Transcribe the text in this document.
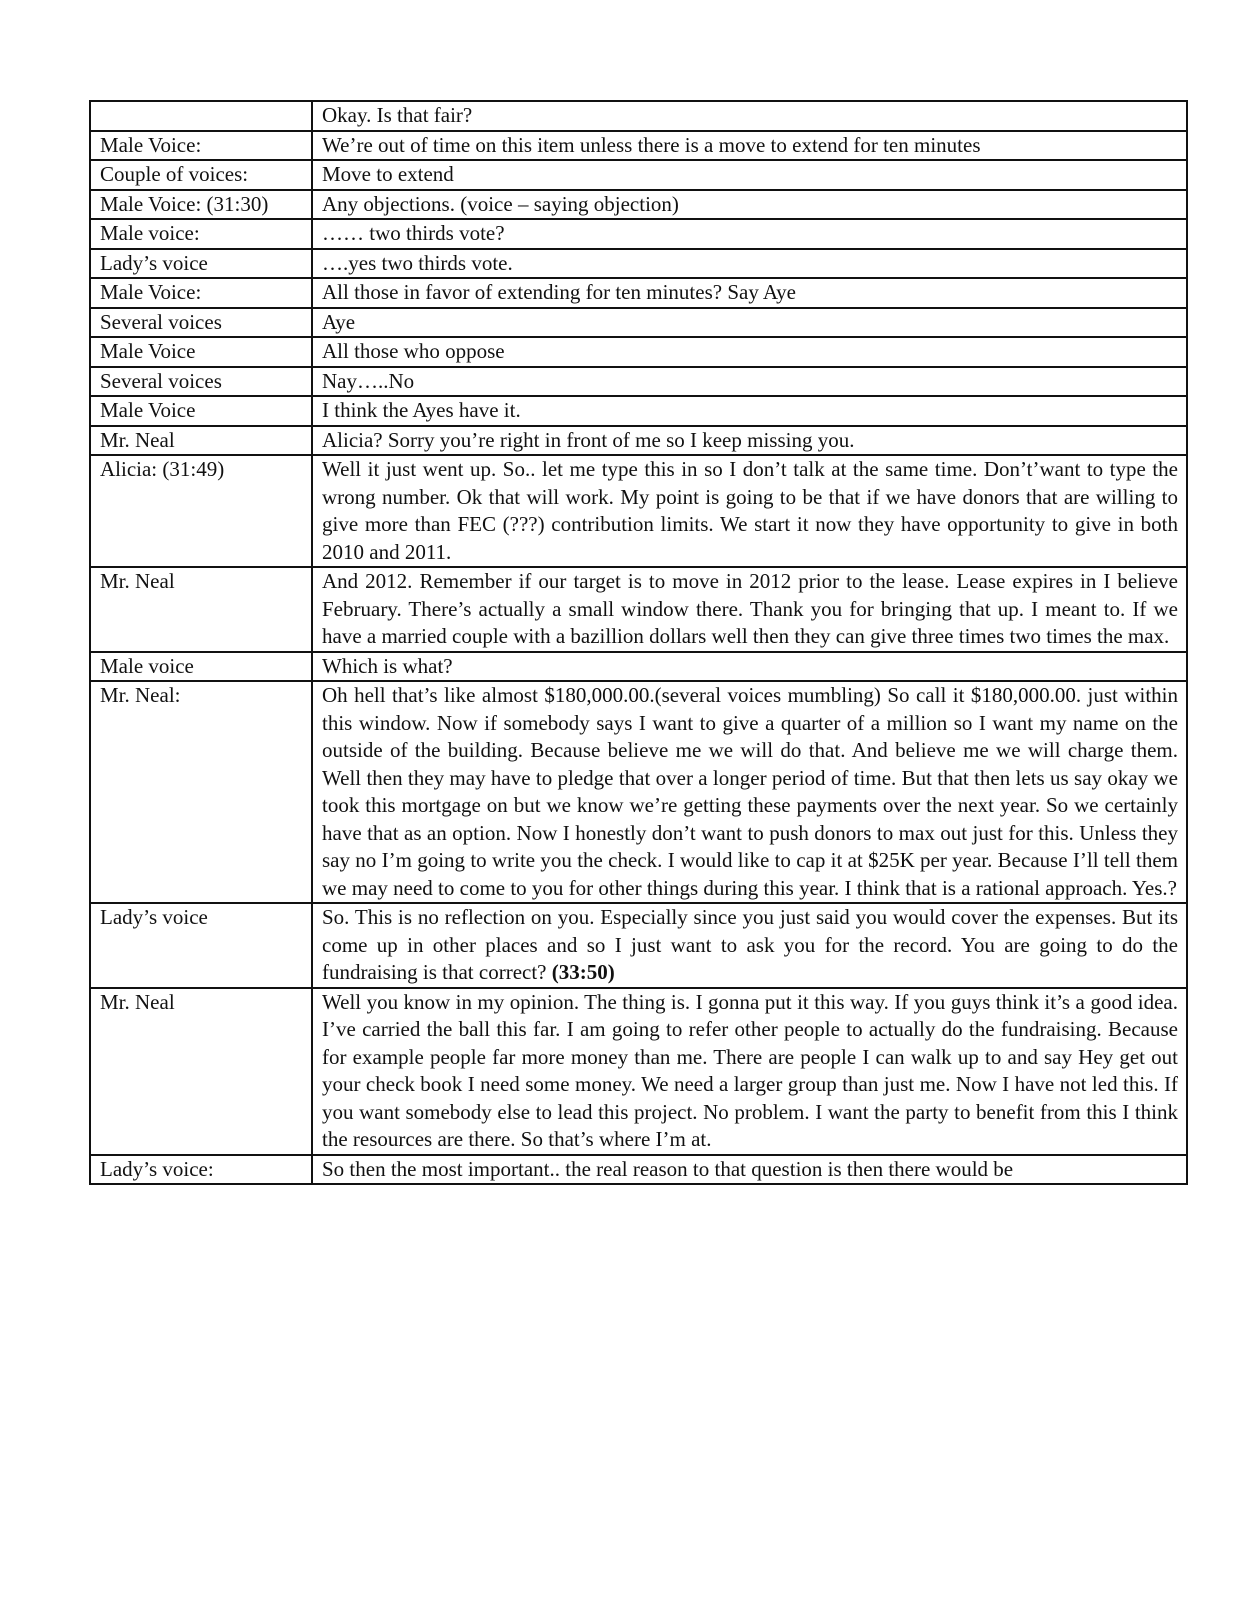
	Okay. Is that fair?
Male Voice:	We’re out of time on this item unless there is a move to extend for ten minutes
Couple of voices:	Move to extend
Male Voice: (31:30)	Any objections. (voice – saying objection)
Male voice:	…… two thirds vote?
Lady’s voice	….yes two thirds vote.
Male Voice:	All those in favor of extending for ten minutes? Say Aye
Several voices	Aye
Male Voice	All those who oppose
Several voices	Nay…..No
Male Voice	I think the Ayes have it.
Mr. Neal	Alicia? Sorry you’re right in front of me so I keep missing you.
Alicia: (31:49)	Well it just went up. So.. let me type this in so I don’t talk at the same time. Don’t’want to type the wrong number. Ok that will work. My point is going to be that if we have donors that are willing to give more than FEC (???) contribution limits. We start it now they have opportunity to give in both 2010 and 2011.
Mr. Neal	And 2012. Remember if our target is to move in 2012 prior to the lease. Lease expires in I believe February. There’s actually a small window there. Thank you for bringing that up. I meant to. If we have a married couple with a bazillion dollars well then they can give three times two times the max.
Male voice	Which is what?
Mr. Neal:	Oh hell that’s like almost $180,000.00.(several voices mumbling) So call it $180,000.00. just within this window. Now if somebody says I want to give a quarter of a million so I want my name on the outside of the building. Because believe me we will do that. And believe me we will charge them. Well then they may have to pledge that over a longer period of time. But that then lets us say okay we took this mortgage on but we know we’re getting these payments over the next year. So we certainly have that as an option. Now I honestly don’t want to push donors to max out just for this. Unless they say no I’m going to write you the check. I would like to cap it at $25K per year. Because I’ll tell them we may need to come to you for other things during this year. I think that is a rational approach. Yes.?
Lady’s voice	So. This is no reflection on you. Especially since you just said you would cover the expenses. But its come up in other places and so I just want to ask you for the record. You are going to do the fundraising is that correct? (33:50)
Mr. Neal	Well you know in my opinion. The thing is. I gonna put it this way. If you guys think it’s a good idea. I’ve carried the ball this far. I am going to refer other people to actually do the fundraising. Because for example people far more money than me. There are people I can walk up to and say Hey get out your check book I need some money. We need a larger group than just me. Now I have not led this. If you want somebody else to lead this project. No problem. I want the party to benefit from this I think the resources are there. So that’s where I’m at.
Lady’s voice:	So then the most important.. the real reason to that question is then there would be
